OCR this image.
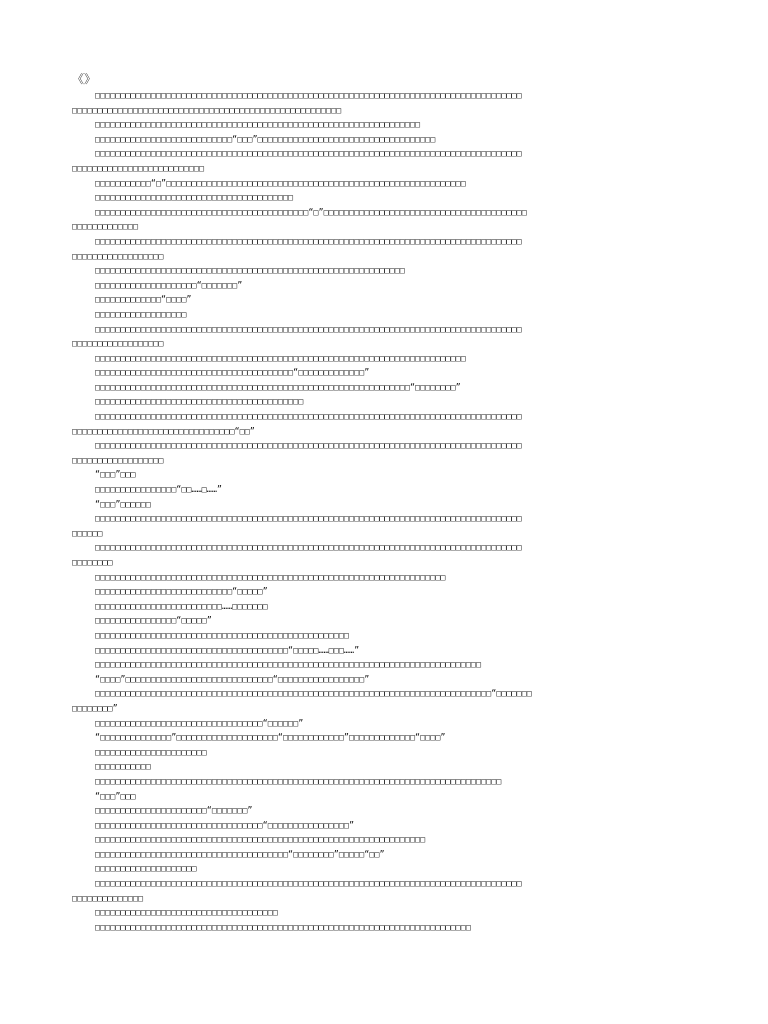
《》
□□□□□□□□□□□□□□□□□□□□□□□□□□□□□□□□□□□□□□□□□□□□□□□□□□□□□□□□□□□□□□□□□□□□□□□□□□□□□□□□□□□□
□□□□□□□□□□□□□□□□□□□□□□□□□□□□□□□□□□□□□□□□□□□□□□□□□□□□□
□□□□□□□□□□□□□□□□□□□□□□□□□□□□□□□□□□□□□□□□□□□□□□□□□□□□□□□□□□□□□□□□
□□□□□□□□□□□□□□□□□□□□□□□□□□□“□□□”□□□□□□□□□□□□□□□□□□□□□□□□□□□□□□□□□□□
□□□□□□□□□□□□□□□□□□□□□□□□□□□□□□□□□□□□□□□□□□□□□□□□□□□□□□□□□□□□□□□□□□□□□□□□□□□□□□□□□□□□
□□□□□□□□□□□□□□□□□□□□□□□□□□
□□□□□□□□□□□“□”□□□□□□□□□□□□□□□□□□□□□□□□□□□□□□□□□□□□□□□□□□□□□□□□□□□□□□□□□□□
□□□□□□□□□□□□□□□□□□□□□□□□□□□□□□□□□□□□□□□
□□□□□□□□□□□□□□□□□□□□□□□□□□□□□□□□□□□□□□□□□□“□”□□□□□□□□□□□□□□□□□□□□□□□□□□□□□□□□□□□□□□□□
□□□□□□□□□□□□□
□□□□□□□□□□□□□□□□□□□□□□□□□□□□□□□□□□□□□□□□□□□□□□□□□□□□□□□□□□□□□□□□□□□□□□□□□□□□□□□□□□□□
□□□□□□□□□□□□□□□□□□
□□□□□□□□□□□□□□□□□□□□□□□□□□□□□□□□□□□□□□□□□□□□□□□□□□□□□□□□□□□□□
□□□□□□□□□□□□□□□□□□□□“□□□□□□□”
□□□□□□□□□□□□□“□□□□”
□□□□□□□□□□□□□□□□□□
□□□□□□□□□□□□□□□□□□□□□□□□□□□□□□□□□□□□□□□□□□□□□□□□□□□□□□□□□□□□□□□□□□□□□□□□□□□□□□□□□□□□
□□□□□□□□□□□□□□□□□□
□□□□□□□□□□□□□□□□□□□□□□□□□□□□□□□□□□□□□□□□□□□□□□□□□□□□□□□□□□□□□□□□□□□□□□□□□
□□□□□□□□□□□□□□□□□□□□□□□□□□□□□□□□□□□□□□□“□□□□□□□□□□□□□”
□□□□□□□□□□□□□□□□□□□□□□□□□□□□□□□□□□□□□□□□□□□□□□□□□□□□□□□□□□□□□□“□□□□□□□□”
□□□□□□□□□□□□□□□□□□□□□□□□□□□□□□□□□□□□□□□□□
□□□□□□□□□□□□□□□□□□□□□□□□□□□□□□□□□□□□□□□□□□□□□□□□□□□□□□□□□□□□□□□□□□□□□□□□□□□□□□□□□□□□
□□□□□□□□□□□□□□□□□□□□□□□□□□□□□□□□“□□”
□□□□□□□□□□□□□□□□□□□□□□□□□□□□□□□□□□□□□□□□□□□□□□□□□□□□□□□□□□□□□□□□□□□□□□□□□□□□□□□□□□□□
□□□□□□□□□□□□□□□□□□
“□□□”□□□
□□□□□□□□□□□□□□□□“□□……□……”
“□□□”□□□□□□
□□□□□□□□□□□□□□□□□□□□□□□□□□□□□□□□□□□□□□□□□□□□□□□□□□□□□□□□□□□□□□□□□□□□□□□□□□□□□□□□□□□□
□□□□□□
□□□□□□□□□□□□□□□□□□□□□□□□□□□□□□□□□□□□□□□□□□□□□□□□□□□□□□□□□□□□□□□□□□□□□□□□□□□□□□□□□□□□
□□□□□□□□
□□□□□□□□□□□□□□□□□□□□□□□□□□□□□□□□□□□□□□□□□□□□□□□□□□□□□□□□□□□□□□□□□□□□□
□□□□□□□□□□□□□□□□□□□□□□□□□□□“□□□□□”
□□□□□□□□□□□□□□□□□□□□□□□□□……□□□□□□□
□□□□□□□□□□□□□□□□“□□□□□”
□□□□□□□□□□□□□□□□□□□□□□□□□□□□□□□□□□□□□□□□□□□□□□□□□□
□□□□□□□□□□□□□□□□□□□□□□□□□□□□□□□□□□□□□□“□□□□□……□□□……”
□□□□□□□□□□□□□□□□□□□□□□□□□□□□□□□□□□□□□□□□□□□□□□□□□□□□□□□□□□□□□□□□□□□□□□□□□□□□
“□□□□”□□□□□□□□□□□□□□□□□□□□□□□□□□□□□“□□□□□□□□□□□□□□□□□”
□□□□□□□□□□□□□□□□□□□□□□□□□□□□□□□□□□□□□□□□□□□□□□□□□□□□□□□□□□□□□□□□□□□□□□□□□□□□□□“□□□□□□□
□□□□□□□□”
□□□□□□□□□□□□□□□□□□□□□□□□□□□□□□□□□“□□□□□□”
“□□□□□□□□□□□□□□”□□□□□□□□□□□□□□□□□□□□“□□□□□□□□□□□□”□□□□□□□□□□□□□“□□□□”
□□□□□□□□□□□□□□□□□□□□□□
□□□□□□□□□□□
□□□□□□□□□□□□□□□□□□□□□□□□□□□□□□□□□□□□□□□□□□□□□□□□□□□□□□□□□□□□□□□□□□□□□□□□□□□□□□□□
“□□□”□□□
□□□□□□□□□□□□□□□□□□□□□□“□□□□□□□”
□□□□□□□□□□□□□□□□□□□□□□□□□□□□□□□□□“□□□□□□□□□□□□□□□□”
□□□□□□□□□□□□□□□□□□□□□□□□□□□□□□□□□□□□□□□□□□□□□□□□□□□□□□□□□□□□□□□□□
□□□□□□□□□□□□□□□□□□□□□□□□□□□□□□□□□□□□□□“□□□□□□□□”□□□□□“□□”
□□□□□□□□□□□□□□□□□□□□
□□□□□□□□□□□□□□□□□□□□□□□□□□□□□□□□□□□□□□□□□□□□□□□□□□□□□□□□□□□□□□□□□□□□□□□□□□□□□□□□□□□□
□□□□□□□□□□□□□□
□□□□□□□□□□□□□□□□□□□□□□□□□□□□□□□□□□□□
□□□□□□□□□□□□□□□□□□□□□□□□□□□□□□□□□□□□□□□□□□□□□□□□□□□□□□□□□□□□□□□□□□□□□□□□□□
